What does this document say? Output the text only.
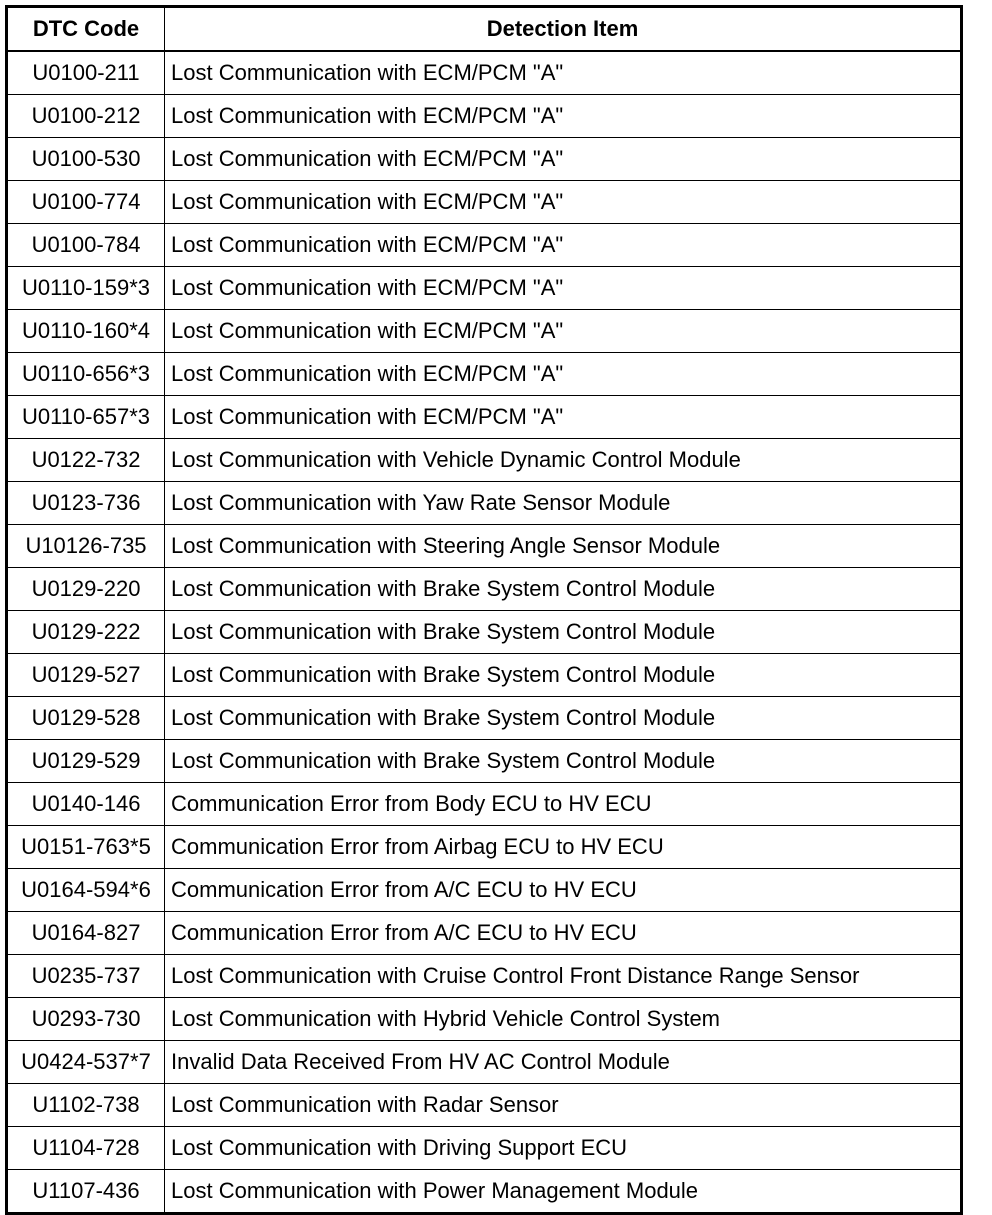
DTC Code	Detection Item
U0100-211	Lost Communication with ECM/PCM "A"
U0100-212	Lost Communication with ECM/PCM "A"
U0100-530	Lost Communication with ECM/PCM "A"
U0100-774	Lost Communication with ECM/PCM "A"
U0100-784	Lost Communication with ECM/PCM "A"
U0110-159*3	Lost Communication with ECM/PCM "A"
U0110-160*4	Lost Communication with ECM/PCM "A"
U0110-656*3	Lost Communication with ECM/PCM "A"
U0110-657*3	Lost Communication with ECM/PCM "A"
U0122-732	Lost Communication with Vehicle Dynamic Control Module
U0123-736	Lost Communication with Yaw Rate Sensor Module
U10126-735	Lost Communication with Steering Angle Sensor Module
U0129-220	Lost Communication with Brake System Control Module
U0129-222	Lost Communication with Brake System Control Module
U0129-527	Lost Communication with Brake System Control Module
U0129-528	Lost Communication with Brake System Control Module
U0129-529	Lost Communication with Brake System Control Module
U0140-146	Communication Error from Body ECU to HV ECU
U0151-763*5	Communication Error from Airbag ECU to HV ECU
U0164-594*6	Communication Error from A/C ECU to HV ECU
U0164-827	Communication Error from A/C ECU to HV ECU
U0235-737	Lost Communication with Cruise Control Front Distance Range Sensor
U0293-730	Lost Communication with Hybrid Vehicle Control System
U0424-537*7	Invalid Data Received From HV AC Control Module
U1102-738	Lost Communication with Radar Sensor
U1104-728	Lost Communication with Driving Support ECU
U1107-436	Lost Communication with Power Management Module
